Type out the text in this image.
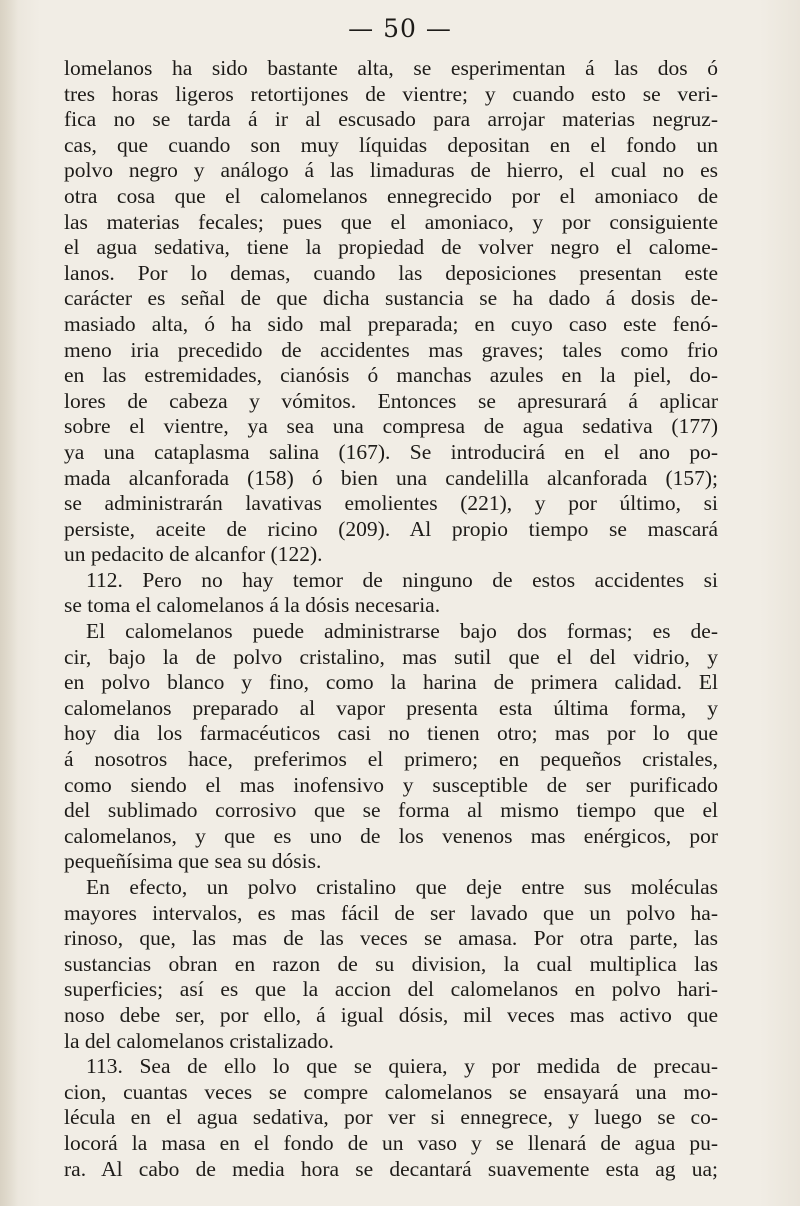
— 50 —
lomelanos ha sido bastante alta, se esperimentan á las dos ó
tres horas ligeros retortijones de vientre; y cuando esto se veri-
fica no se tarda á ir al escusado para arrojar materias negruz-
cas, que cuando son muy líquidas depositan en el fondo un
polvo negro y análogo á las limaduras de hierro, el cual no es
otra cosa que el calomelanos ennegrecido por el amoniaco de
las materias fecales; pues que el amoniaco, y por consiguiente
el agua sedativa, tiene la propiedad de volver negro el calome-
lanos. Por lo demas, cuando las deposiciones presentan este
carácter es señal de que dicha sustancia se ha dado á dosis de-
masiado alta, ó ha sido mal preparada; en cuyo caso este fenó-
meno iria precedido de accidentes mas graves; tales como frio
en las estremidades, cianósis ó manchas azules en la piel, do-
lores de cabeza y vómitos. Entonces se apresurará á aplicar
sobre el vientre, ya sea una compresa de agua sedativa (177)
ya una cataplasma salina (167). Se introducirá en el ano po-
mada alcanforada (158) ó bien una candelilla alcanforada (157);
se administrarán lavativas emolientes (221), y por último, si
persiste, aceite de ricino (209). Al propio tiempo se mascará
un pedacito de alcanfor (122).
112. Pero no hay temor de ninguno de estos accidentes si
se toma el calomelanos á la dósis necesaria.
El calomelanos puede administrarse bajo dos formas; es de-
cir, bajo la de polvo cristalino, mas sutil que el del vidrio, y
en polvo blanco y fino, como la harina de primera calidad. El
calomelanos preparado al vapor presenta esta última forma, y
hoy dia los farmacéuticos casi no tienen otro; mas por lo que
á nosotros hace, preferimos el primero; en pequeños cristales,
como siendo el mas inofensivo y susceptible de ser purificado
del sublimado corrosivo que se forma al mismo tiempo que el
calomelanos, y que es uno de los venenos mas enérgicos, por
pequeñísima que sea su dósis.
En efecto, un polvo cristalino que deje entre sus moléculas
mayores intervalos, es mas fácil de ser lavado que un polvo ha-
rinoso, que, las mas de las veces se amasa. Por otra parte, las
sustancias obran en razon de su division, la cual multiplica las
superficies; así es que la accion del calomelanos en polvo hari-
noso debe ser, por ello, á igual dósis, mil veces mas activo que
la del calomelanos cristalizado.
113. Sea de ello lo que se quiera, y por medida de precau-
cion, cuantas veces se compre calomelanos se ensayará una mo-
lécula en el agua sedativa, por ver si ennegrece, y luego se co-
locorá la masa en el fondo de un vaso y se llenará de agua pu-
ra. Al cabo de media hora se decantará suavemente esta ag ua;
